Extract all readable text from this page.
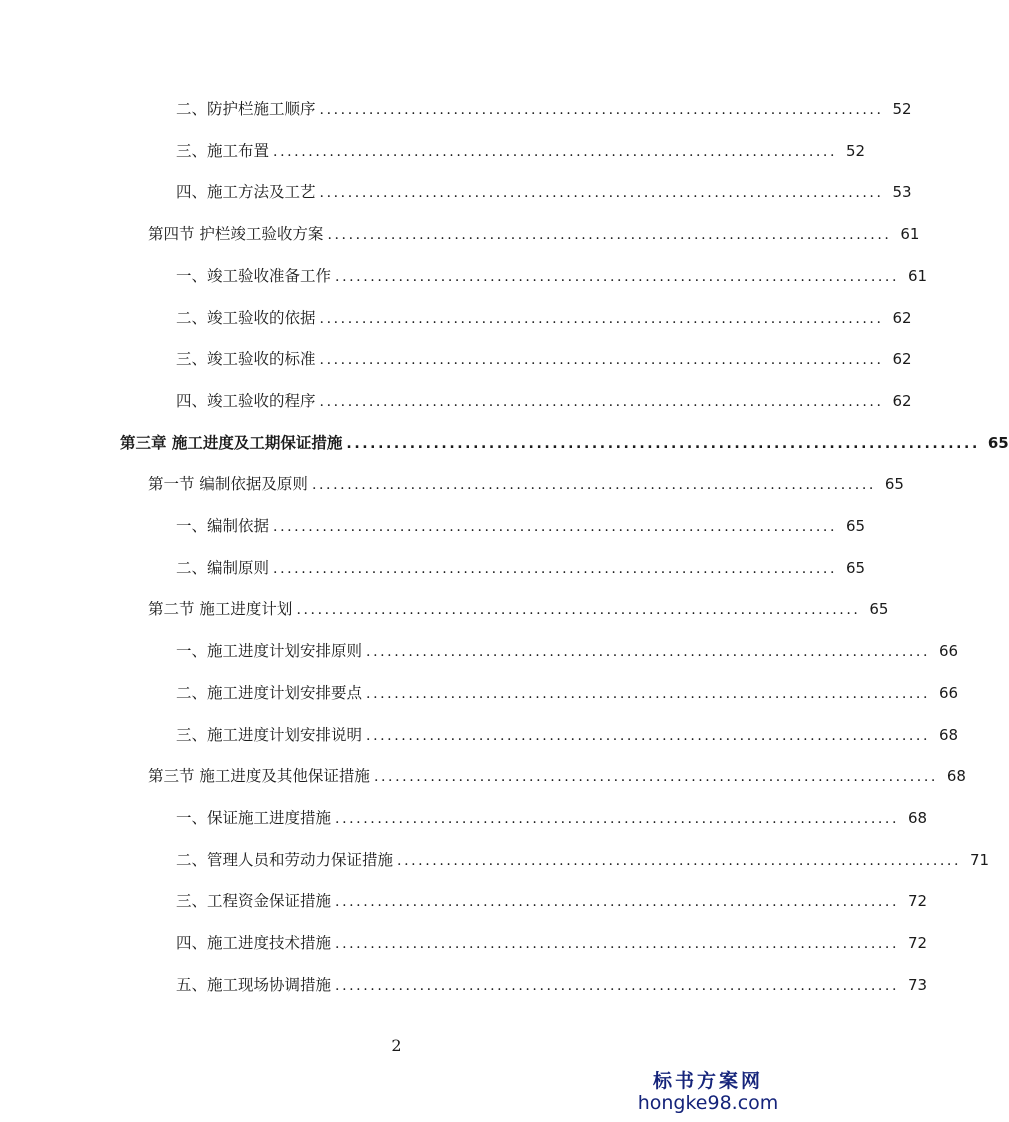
二、防护栏施工顺序 ................................................................................ 52
三、施工布置 ................................................................................ 52
四、施工方法及工艺 ................................................................................ 53
第四节 护栏竣工验收方案 ................................................................................ 61
一、竣工验收准备工作 ................................................................................ 61
二、竣工验收的依据 ................................................................................ 62
三、竣工验收的标准 ................................................................................ 62
四、竣工验收的程序 ................................................................................ 62
第三章 施工进度及工期保证措施 ................................................................................ 65
第一节 编制依据及原则 ................................................................................ 65
一、编制依据 ................................................................................ 65
二、编制原则 ................................................................................ 65
第二节 施工进度计划 ................................................................................ 65
一、施工进度计划安排原则 ................................................................................ 66
二、施工进度计划安排要点 ................................................................................ 66
三、施工进度计划安排说明 ................................................................................ 68
第三节 施工进度及其他保证措施 ................................................................................ 68
一、保证施工进度措施 ................................................................................ 68
二、管理人员和劳动力保证措施 ................................................................................ 71
三、工程资金保证措施 ................................................................................ 72
四、施工进度技术措施 ................................................................................ 72
五、施工现场协调措施 ................................................................................ 73
2
标书方案网
hongke98.com
